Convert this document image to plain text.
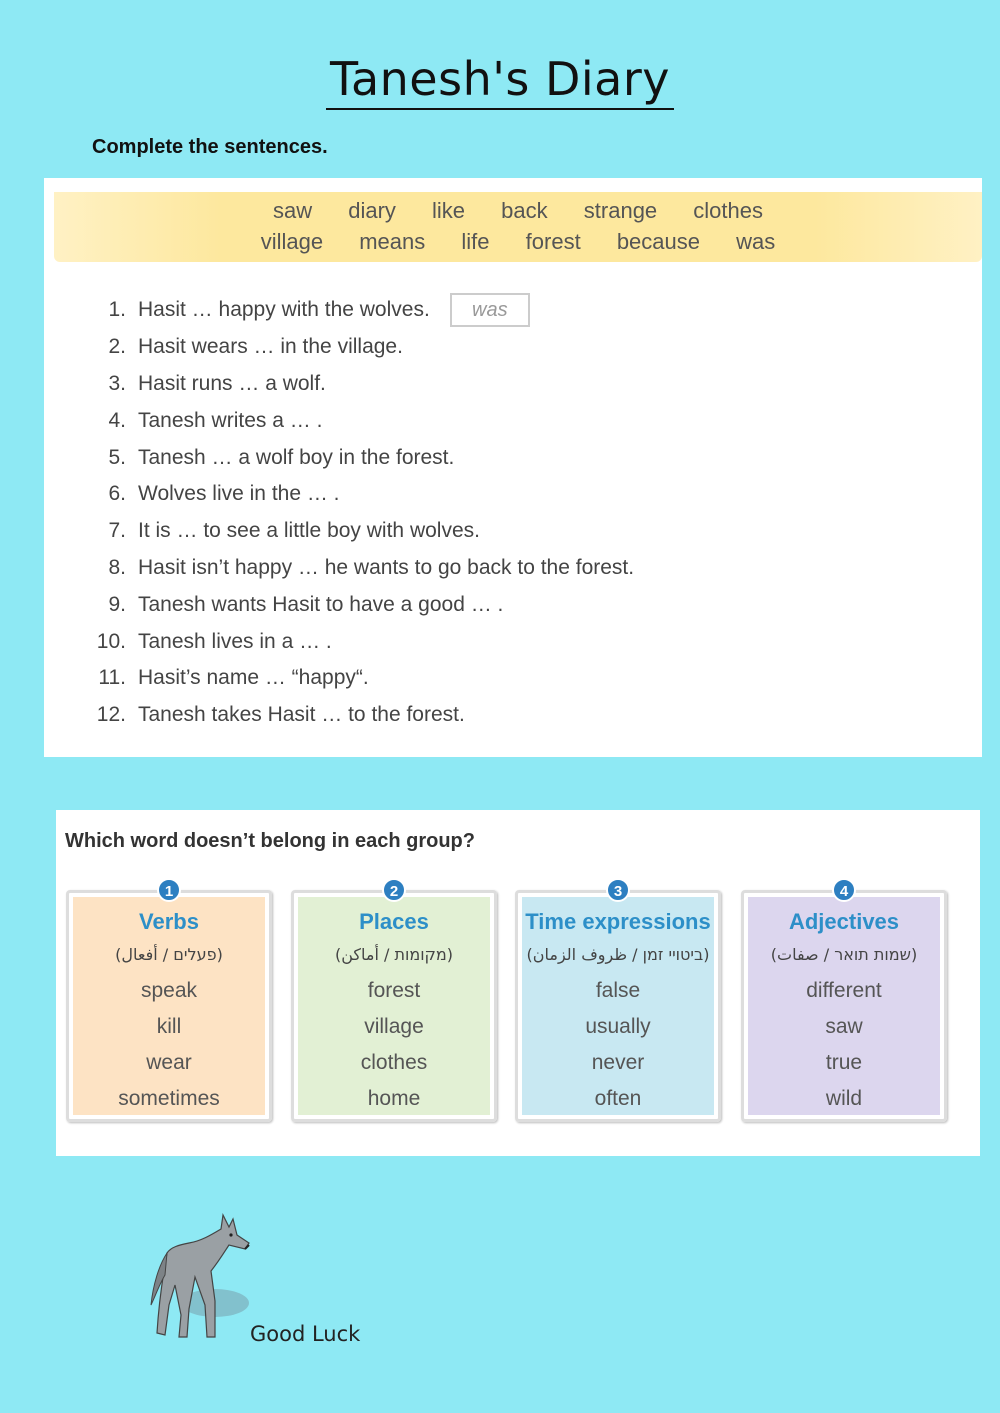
Tanesh's Diary
Complete the sentences.
saw diary like back strange clothes
village means life forest because was
1. Hasit … happy with the wolves.	was
2. Hasit wears … in the village.
3. Hasit runs … a wolf.
4. Tanesh writes a … .
5. Tanesh … a wolf boy in the forest.
6. Wolves live in the … .
7. It is … to see a little boy with wolves.
8. Hasit isn’t happy … he wants to go back to the forest.
9. Tanesh wants Hasit to have a good … .
10. Tanesh lives in a … .
11. Hasit’s name … “happy“.
12. Tanesh takes Hasit … to the forest.
Which word doesn’t belong in each group?
Verbs
(פעלים / أفعال)
speak
kill
wear
sometimes
1
Places
(מקומות / أماكن)
forest
village
clothes
home
2
Time expressions
(ביטויי זמן / ظروف الزمان)
false
usually
never
often
3
Adjectives
(שמות תואר / صفات)
different
saw
true
wild
4
Good Luck
